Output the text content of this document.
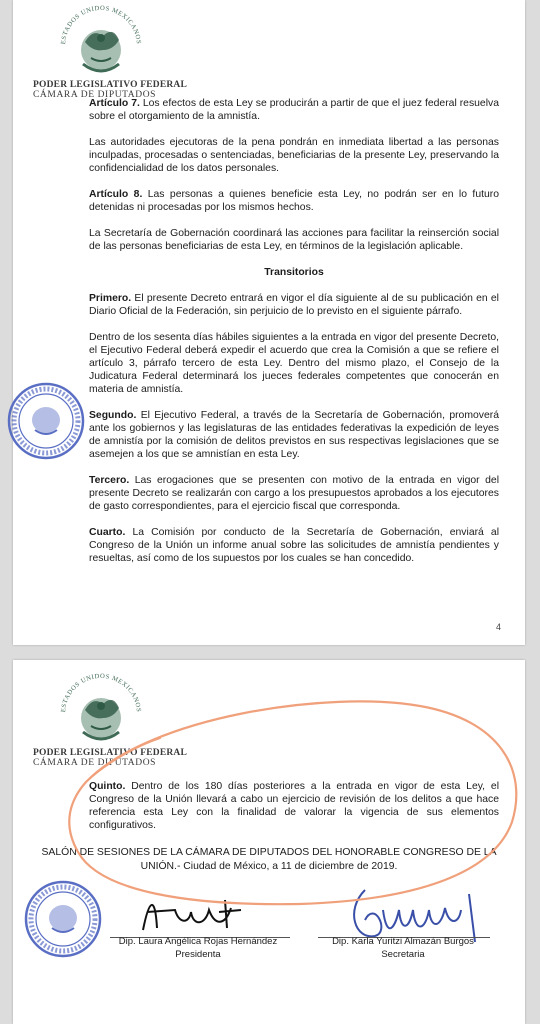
ESTADOS UNIDOS MEXICANOS
PODER LEGISLATIVO FEDERAL
CÁMARA DE DIPUTADOS

Artículo 7. Los efectos de esta Ley se producirán a partir de que el juez federal resuelva sobre el otorgamiento de la amnistía.

Las autoridades ejecutoras de la pena pondrán en inmediata libertad a las personas inculpadas, procesadas o sentenciadas, beneficiarias de la presente Ley, preservando la confidencialidad de los datos personales.

Artículo 8. Las personas a quienes beneficie esta Ley, no podrán ser en lo futuro detenidas ni procesadas por los mismos hechos.

La Secretaría de Gobernación coordinará las acciones para facilitar la reinserción social de las personas beneficiarias de esta Ley, en términos de la legislación aplicable.

Transitorios

Primero. El presente Decreto entrará en vigor el día siguiente al de su publicación en el Diario Oficial de la Federación, sin perjuicio de lo previsto en el siguiente párrafo.

Dentro de los sesenta días hábiles siguientes a la entrada en vigor del presente Decreto, el Ejecutivo Federal deberá expedir el acuerdo que crea la Comisión a que se refiere el artículo 3, párrafo tercero de esta Ley. Dentro del mismo plazo, el Consejo de la Judicatura Federal determinará los jueces federales competentes que conocerán en materia de amnistía.

Segundo. El Ejecutivo Federal, a través de la Secretaría de Gobernación, promoverá ante los gobiernos y las legislaturas de las entidades federativas la expedición de leyes de amnistía por la comisión de delitos previstos en sus respectivas legislaciones que se asemejen a los que se amnistían en esta Ley.

Tercero. Las erogaciones que se presenten con motivo de la entrada en vigor del presente Decreto se realizarán con cargo a los presupuestos aprobados a los ejecutores de gasto correspondientes, para el ejercicio fiscal que corresponda.

Cuarto. La Comisión por conducto de la Secretaría de Gobernación, enviará al Congreso de la Unión un informe anual sobre las solicitudes de amnistía pendientes y resueltas, así como de los supuestos por los cuales se han concedido.

4
ESTADOS UNIDOS MEXICANOS
PODER LEGISLATIVO FEDERAL
CÁMARA DE DIPUTADOS

Quinto. Dentro de los 180 días posteriores a la entrada en vigor de esta Ley, el Congreso de la Unión llevará a cabo un ejercicio de revisión de los delitos a que hace referencia esta Ley con la finalidad de valorar la vigencia de sus elementos configurativos.

SALÓN DE SESIONES DE LA CÁMARA DE DIPUTADOS DEL HONORABLE CONGRESO DE LA UNIÓN.- Ciudad de México, a 11 de diciembre de 2019.

Dip. Laura Angélica Rojas Hernández
Presidenta
Dip. Karla Yuritzi Almazán Burgos
Secretaria
